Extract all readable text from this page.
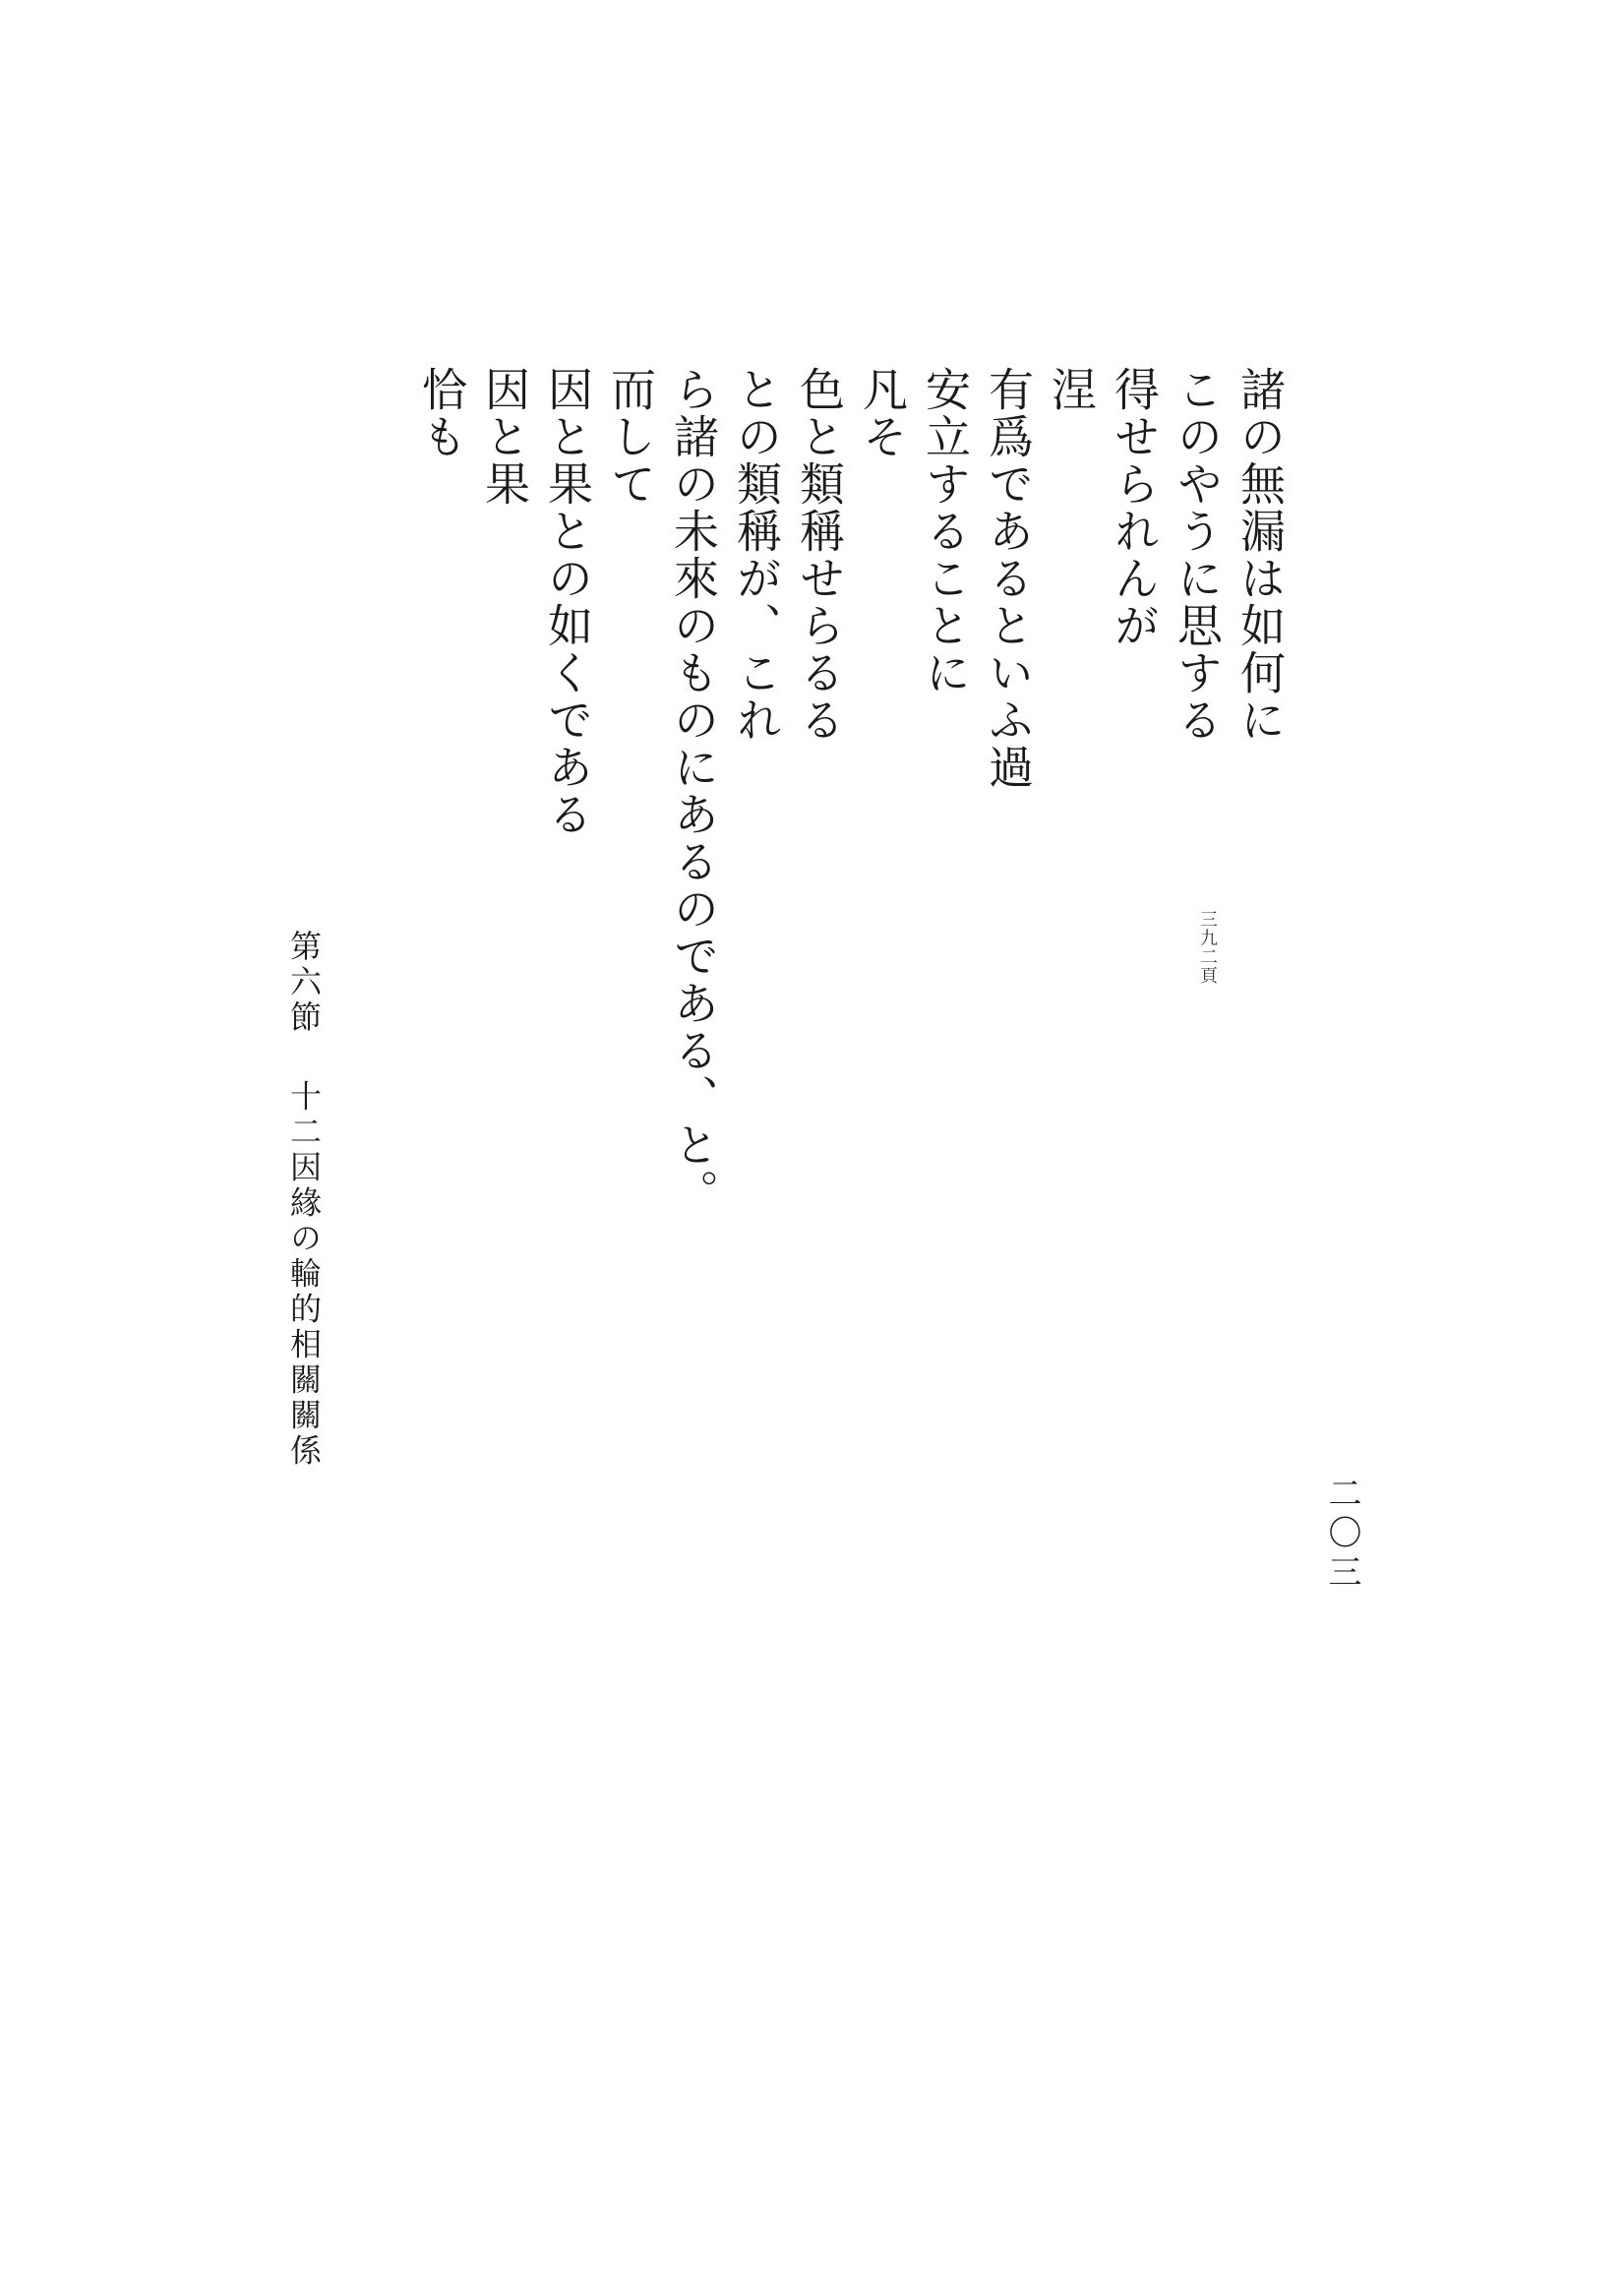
第六節 十二因緣の輪的相關關係
二〇三
三九二頁
諸の無漏は如何に
このやうに思する
得せられんが
涅
有爲であるといふ過
安立することに
凡そ
色と類稱せらるる
との類稱が、これ
ら諸の未來のものにあるのである、と。
而して
因と果との如くである
因と果
恰も
